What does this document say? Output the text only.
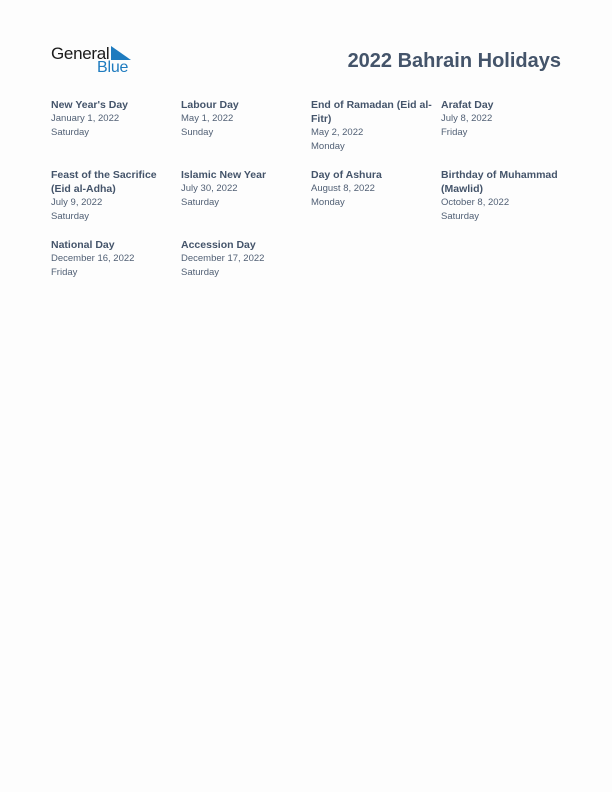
General
Blue	2022 Bahrain Holidays
New Year's Day
January 1, 2022
Saturday
Labour Day
May 1, 2022
Sunday
End of Ramadan (Eid al-Fitr)
May 2, 2022
Monday
Arafat Day
July 8, 2022
Friday
Feast of the Sacrifice (Eid al-Adha)
July 9, 2022
Saturday
Islamic New Year
July 30, 2022
Saturday
Day of Ashura
August 8, 2022
Monday
Birthday of Muhammad (Mawlid)
October 8, 2022
Saturday
National Day
December 16, 2022
Friday
Accession Day
December 17, 2022
Saturday
